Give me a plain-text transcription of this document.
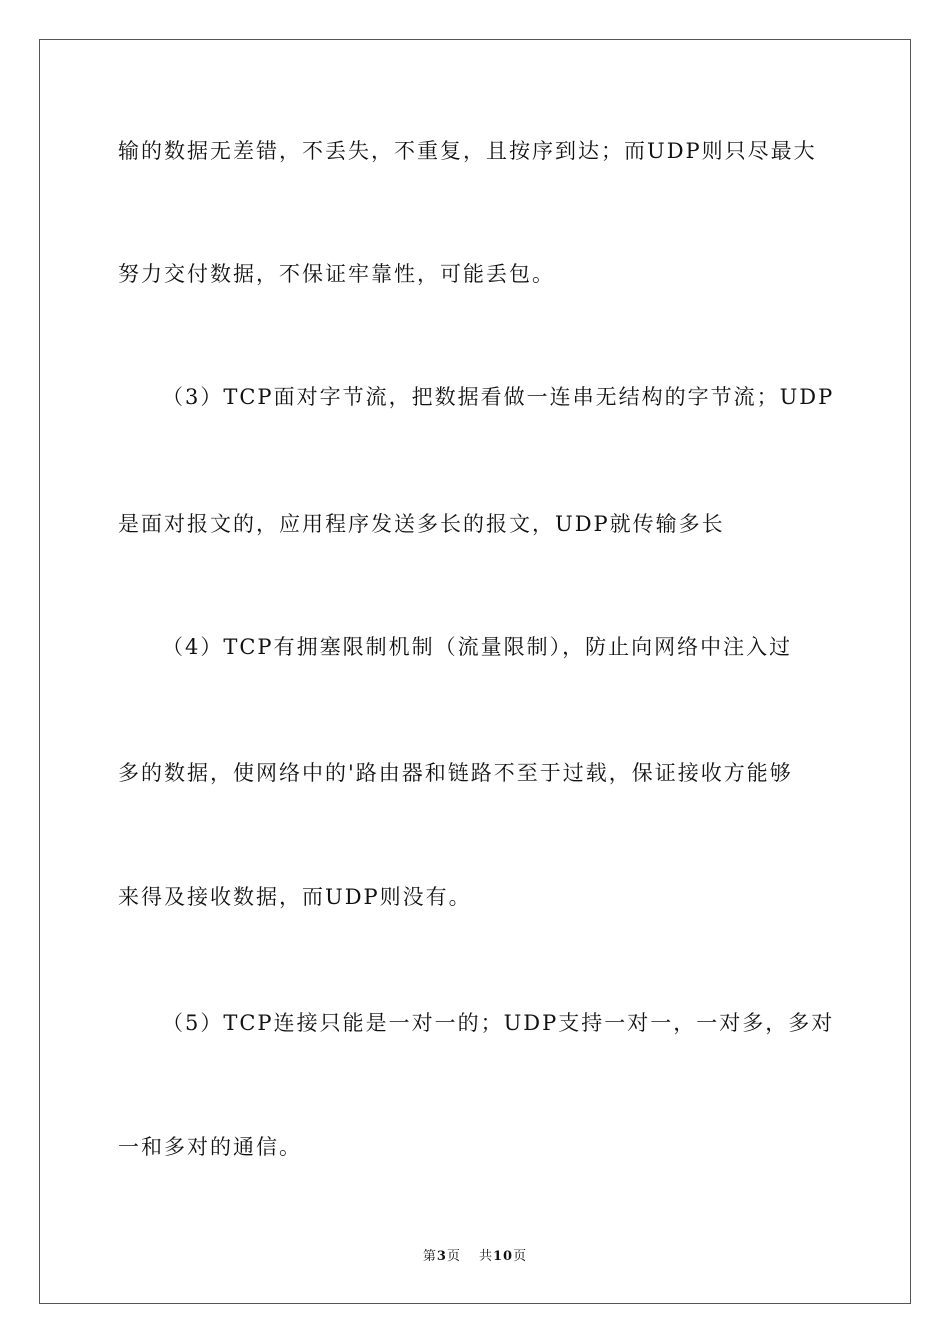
输的数据无差错，不丢失，不重复，且按序到达；而UDP则只尽最大
努力交付数据，不保证牢靠性，可能丢包。
（3）TCP面对字节流，把数据看做一连串无结构的字节流；UDP
是面对报文的，应用程序发送多长的报文，UDP就传输多长
（4）TCP有拥塞限制机制（流量限制），防止向网络中注入过
多的数据，使网络中的'路由器和链路不至于过载，保证接收方能够
来得及接收数据，而UDP则没有。
（5）TCP连接只能是一对一的；UDP支持一对一，一对多，多对
一和多对的通信。
第3页 共10页
